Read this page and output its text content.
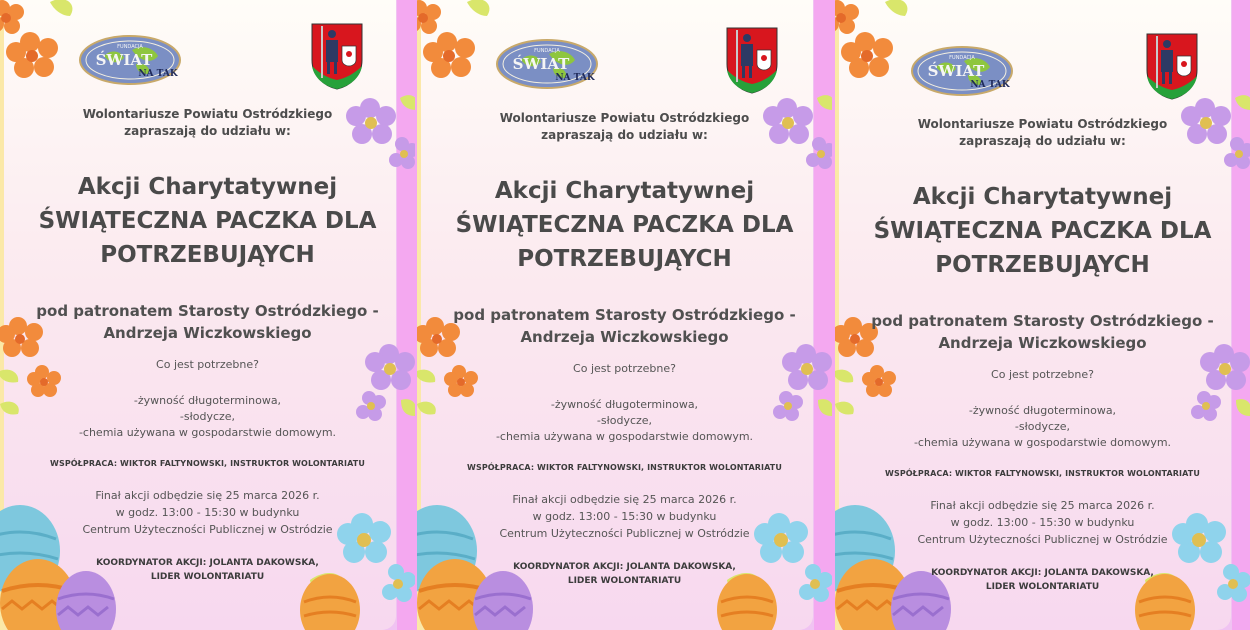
FUNDACJA
ŚWIAT
NA TAK

Wolontariusze Powiatu Ostródzkiego
zapraszają do udziału w:

Akcji Charytatywnej
ŚWIĄTECZNA PACZKA DLA
POTRZEBUJĄYCH

pod patronatem Starosty Ostródzkiego -
Andrzeja Wiczkowskiego

Co jest potrzebne?

-żywność długoterminowa,
-słodycze,
-chemia używana w gospodarstwie domowym.

WSPÓŁPRACA: WIKTOR FALTYNOWSKI, INSTRUKTOR WOLONTARIATU

Finał akcji odbędzie się 25 marca 2026 r.
w godz. 13:00 - 15:30 w budynku
Centrum Użyteczności Publicznej w Ostródzie

KOORDYNATOR AKCJI: JOLANTA DAKOWSKA,
LIDER WOLONTARIATU

FUNDACJA
ŚWIAT
NA TAK

Wolontariusze Powiatu Ostródzkiego
zapraszają do udziału w:

Akcji Charytatywnej
ŚWIĄTECZNA PACZKA DLA
POTRZEBUJĄYCH

pod patronatem Starosty Ostródzkiego -
Andrzeja Wiczkowskiego

Co jest potrzebne?

-żywność długoterminowa,
-słodycze,
-chemia używana w gospodarstwie domowym.

WSPÓŁPRACA: WIKTOR FALTYNOWSKI, INSTRUKTOR WOLONTARIATU

Finał akcji odbędzie się 25 marca 2026 r.
w godz. 13:00 - 15:30 w budynku
Centrum Użyteczności Publicznej w Ostródzie

KOORDYNATOR AKCJI: JOLANTA DAKOWSKA,
LIDER WOLONTARIATU

FUNDACJA
ŚWIAT
NA TAK

Wolontariusze Powiatu Ostródzkiego
zapraszają do udziału w:

Akcji Charytatywnej
ŚWIĄTECZNA PACZKA DLA
POTRZEBUJĄYCH

pod patronatem Starosty Ostródzkiego -
Andrzeja Wiczkowskiego

Co jest potrzebne?

-żywność długoterminowa,
-słodycze,
-chemia używana w gospodarstwie domowym.

WSPÓŁPRACA: WIKTOR FALTYNOWSKI, INSTRUKTOR WOLONTARIATU

Finał akcji odbędzie się 25 marca 2026 r.
w godz. 13:00 - 15:30 w budynku
Centrum Użyteczności Publicznej w Ostródzie

KOORDYNATOR AKCJI: JOLANTA DAKOWSKA,
LIDER WOLONTARIATU
